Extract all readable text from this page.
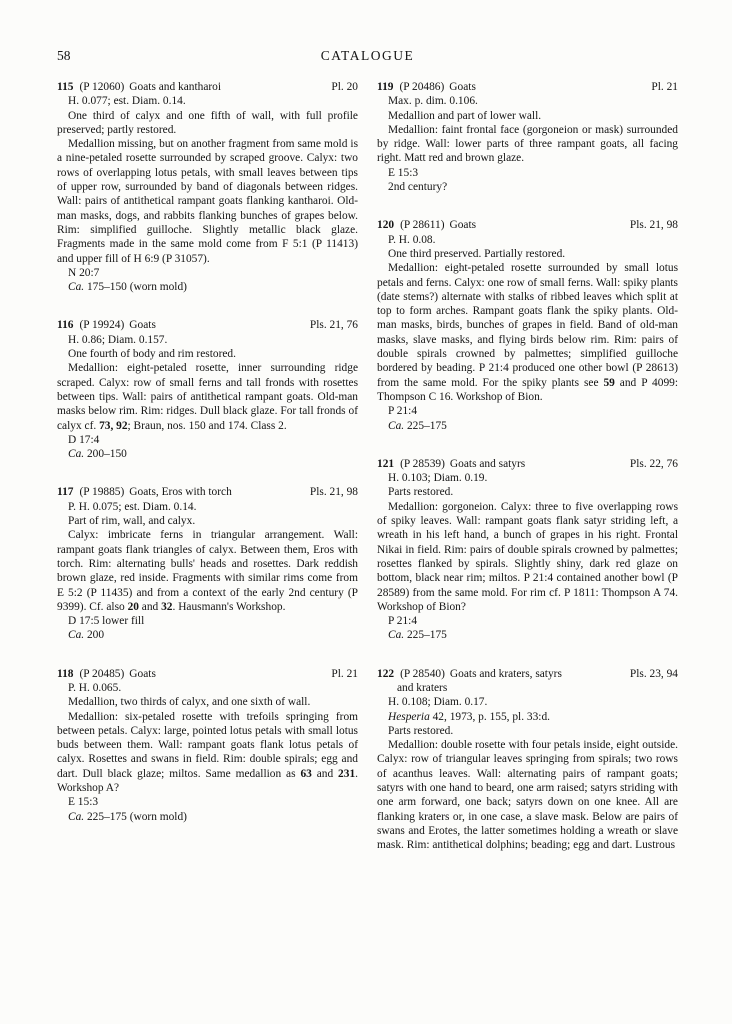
58	CATALOGUE
115 (P 12060) Goats and kantharoi	Pl. 20

H. 0.077; est. Diam. 0.14.

One third of calyx and one fifth of wall, with full profile preserved; partly restored.

Medallion missing, but on another fragment from same mold is a nine-petaled rosette surrounded by scraped groove. Calyx: two rows of overlapping lotus petals, with small leaves between tips of upper row, surrounded by band of diagonals between ridges. Wall: pairs of antithetical rampant goats flanking kantharoi. Old-man masks, dogs, and rabbits flanking bunches of grapes below. Rim: simplified guilloche. Slightly metallic black glaze. Fragments made in the same mold come from F 5:1 (P 11413) and upper fill of H 6:9 (P 31057).

N 20:7

Ca. 175–150 (worn mold)

116 (P 19924) Goats	Pls. 21, 76

H. 0.86; Diam. 0.157.

One fourth of body and rim restored.

Medallion: eight-petaled rosette, inner surrounding ridge scraped. Calyx: row of small ferns and tall fronds with rosettes between tips. Wall: pairs of antithetical rampant goats. Old-man masks below rim. Rim: ridges. Dull black glaze. For tall fronds of calyx cf. 73, 92; Braun, nos. 150 and 174. Class 2.

D 17:4

Ca. 200–150

117 (P 19885) Goats, Eros with torch	Pls. 21, 98

P. H. 0.075; est. Diam. 0.14.

Part of rim, wall, and calyx.

Calyx: imbricate ferns in triangular arrangement. Wall: rampant goats flank triangles of calyx. Between them, Eros with torch. Rim: alternating bulls' heads and rosettes. Dark reddish brown glaze, red inside. Fragments with similar rims come from E 5:2 (P 11435) and from a context of the early 2nd century (P 9399). Cf. also 20 and 32. Hausmann's Workshop.

D 17:5 lower fill

Ca. 200

118 (P 20485) Goats	Pl. 21

P. H. 0.065.

Medallion, two thirds of calyx, and one sixth of wall.

Medallion: six-petaled rosette with trefoils springing from between petals. Calyx: large, pointed lotus petals with small lotus buds between them. Wall: rampant goats flank lotus petals of calyx. Rosettes and swans in field. Rim: double spirals; egg and dart. Dull black glaze; miltos. Same medallion as 63 and 231. Workshop A?

E 15:3

Ca. 225–175 (worn mold)

119 (P 20486) Goats	Pl. 21

Max. p. dim. 0.106.

Medallion and part of lower wall.

Medallion: faint frontal face (gorgoneion or mask) surrounded by ridge. Wall: lower parts of three rampant goats, all facing right. Matt red and brown glaze.

E 15:3

2nd century?

120 (P 28611) Goats	Pls. 21, 98

P. H. 0.08.

One third preserved. Partially restored.

Medallion: eight-petaled rosette surrounded by small lotus petals and ferns. Calyx: one row of small ferns. Wall: spiky plants (date stems?) alternate with stalks of ribbed leaves which split at top to form arches. Rampant goats flank the spiky plants. Old-man masks, birds, bunches of grapes in field. Band of old-man masks, slave masks, and flying birds below rim. Rim: pairs of double spirals crowned by palmettes; simplified guilloche bordered by beading. P 21:4 produced one other bowl (P 28613) from the same mold. For the spiky plants see 59 and P 4099: Thompson C 16. Workshop of Bion.

P 21:4

Ca. 225–175

121 (P 28539) Goats and satyrs	Pls. 22, 76

H. 0.103; Diam. 0.19.

Parts restored.

Medallion: gorgoneion. Calyx: three to five overlapping rows of spiky leaves. Wall: rampant goats flank satyr striding left, a wreath in his left hand, a bunch of grapes in his right. Frontal Nikai in field. Rim: pairs of double spirals crowned by palmettes; rosettes flanked by spirals. Slightly shiny, dark red glaze on bottom, black near rim; miltos. P 21:4 contained another bowl (P 28589) from the same mold. For rim cf. P 1811: Thompson A 74. Workshop of Bion?

P 21:4

Ca. 225–175

122 (P 28540) Goats and kraters, satyrs	Pls. 23, 94
and kraters

H. 0.108; Diam. 0.17.

Hesperia 42, 1973, p. 155, pl. 33:d.

Parts restored.

Medallion: double rosette with four petals inside, eight outside. Calyx: row of triangular leaves springing from spirals; two rows of acanthus leaves. Wall: alternating pairs of rampant goats; satyrs with one hand to beard, one arm raised; satyrs striding with one arm forward, one back; satyrs down on one knee. All are flanking kraters or, in one case, a slave mask. Below are pairs of swans and Erotes, the latter sometimes holding a wreath or slave mask. Rim: antithetical dolphins; beading; egg and dart. Lustrous
